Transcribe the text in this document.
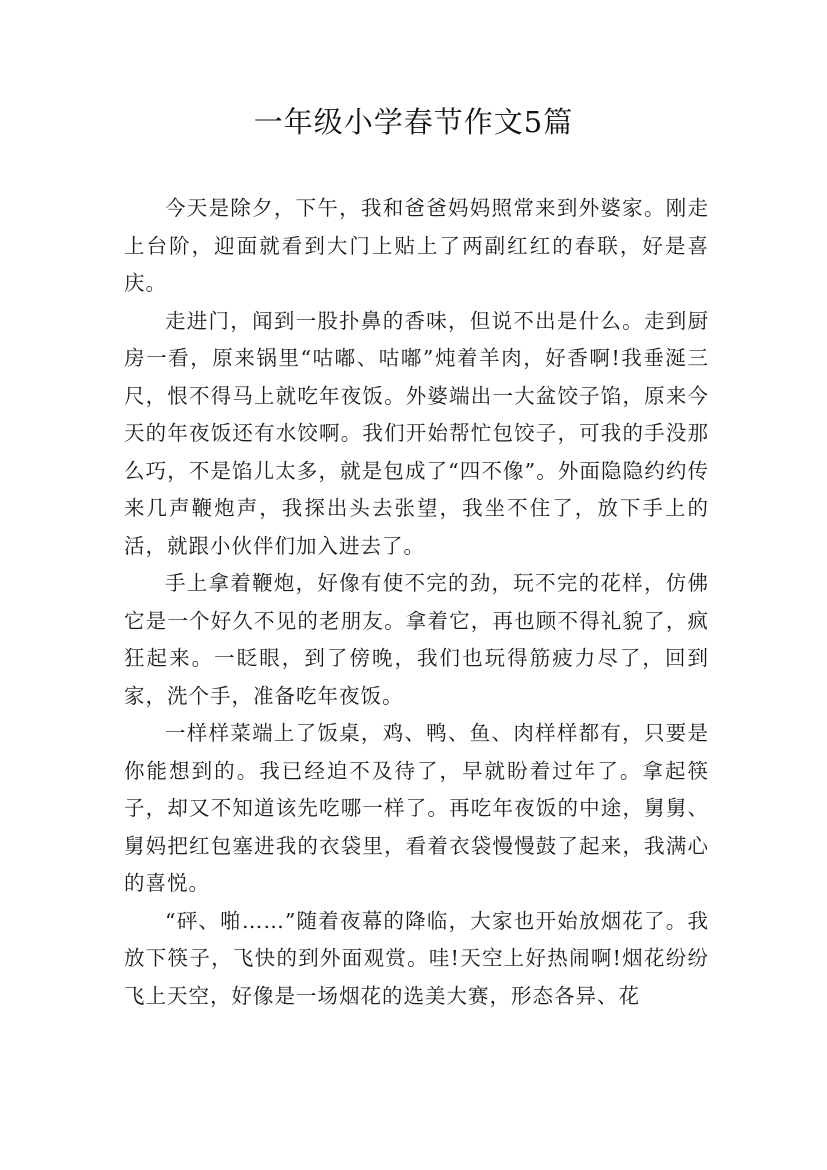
一年级小学春节作文5篇

今天是除夕，下午，我和爸爸妈妈照常来到外婆家。刚走上台阶，迎面就看到大门上贴上了两副红红的春联，好是喜庆。

走进门，闻到一股扑鼻的香味，但说不出是什么。走到厨房一看，原来锅里“咕嘟、咕嘟”炖着羊肉，好香啊!我垂涎三尺，恨不得马上就吃年夜饭。外婆端出一大盆饺子馅，原来今天的年夜饭还有水饺啊。我们开始帮忙包饺子，可我的手没那么巧，不是馅儿太多，就是包成了“四不像”。外面隐隐约约传来几声鞭炮声，我探出头去张望，我坐不住了，放下手上的活，就跟小伙伴们加入进去了。

手上拿着鞭炮，好像有使不完的劲，玩不完的花样，仿佛它是一个好久不见的老朋友。拿着它，再也顾不得礼貌了，疯狂起来。一眨眼，到了傍晚，我们也玩得筋疲力尽了，回到家，洗个手，准备吃年夜饭。

一样样菜端上了饭桌，鸡、鸭、鱼、肉样样都有，只要是你能想到的。我已经迫不及待了，早就盼着过年了。拿起筷子，却又不知道该先吃哪一样了。再吃年夜饭的中途，舅舅、舅妈把红包塞进我的衣袋里，看着衣袋慢慢鼓了起来，我满心的喜悦。

“砰、啪……”随着夜幕的降临，大家也开始放烟花了。我放下筷子，飞快的到外面观赏。哇!天空上好热闹啊!烟花纷纷飞上天空，好像是一场烟花的选美大赛，形态各异、花
